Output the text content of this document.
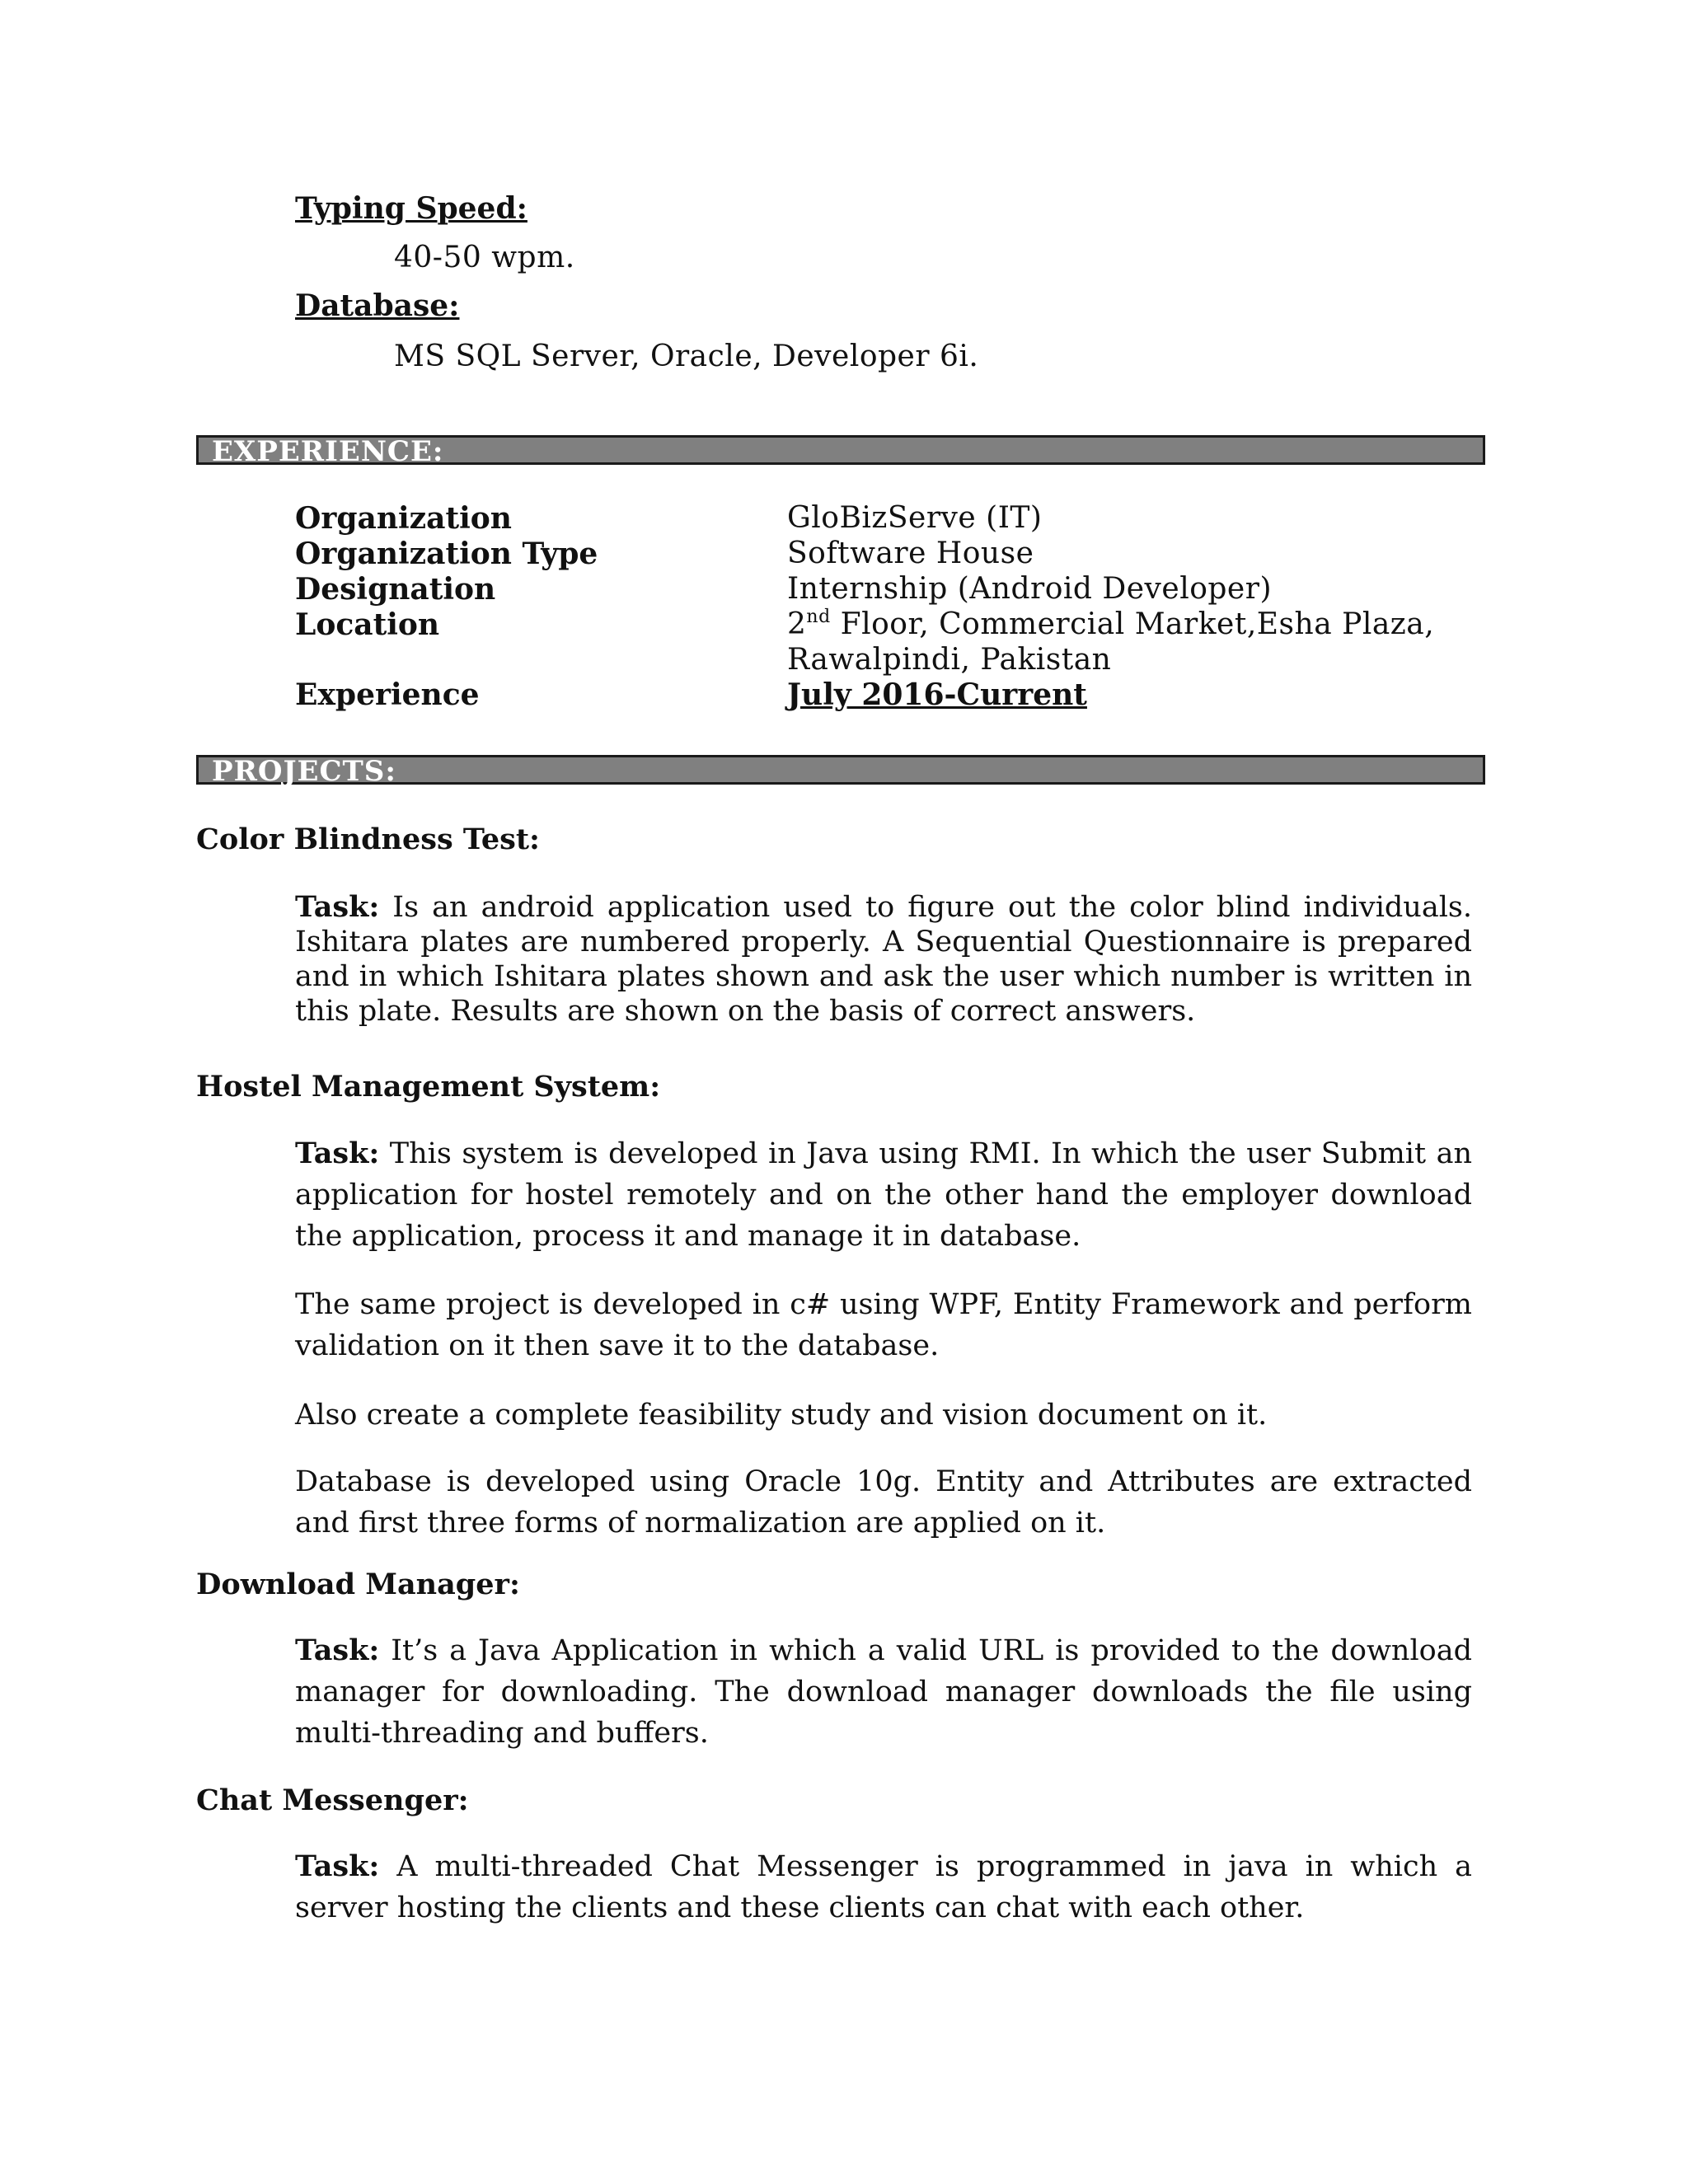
Typing Speed:
40-50 wpm.
Database:
MS SQL Server, Oracle, Developer 6i.
EXPERIENCE:
Organization	GloBizServe (IT)
Organization Type	Software House
Designation	Internship (Android Developer)
Location	2nd Floor, Commercial Market,Esha Plaza,
Rawalpindi, Pakistan
Experience	July 2016-Current
PROJECTS:
Color Blindness Test:
Task: Is an android application used to figure out the color blind individuals. Ishitara plates are numbered properly. A Sequential Questionnaire is prepared and in which Ishitara plates shown and ask the user which number is written in this plate. Results are shown on the basis of correct answers.
Hostel Management System:
Task: This system is developed in Java using RMI. In which the user Submit an application for hostel remotely and on the other hand the employer download the application, process it and manage it in database.
The same project is developed in c# using WPF, Entity Framework and perform validation on it then save it to the database.
Also create a complete feasibility study and vision document on it.
Database is developed using Oracle 10g. Entity and Attributes are extracted and first three forms of normalization are applied on it.
Download Manager:
Task: It’s a Java Application in which a valid URL is provided to the download manager for downloading. The download manager downloads the file using multi-threading and buffers.
Chat Messenger:
Task: A multi-threaded Chat Messenger is programmed in java in which a server hosting the clients and these clients can chat with each other.
